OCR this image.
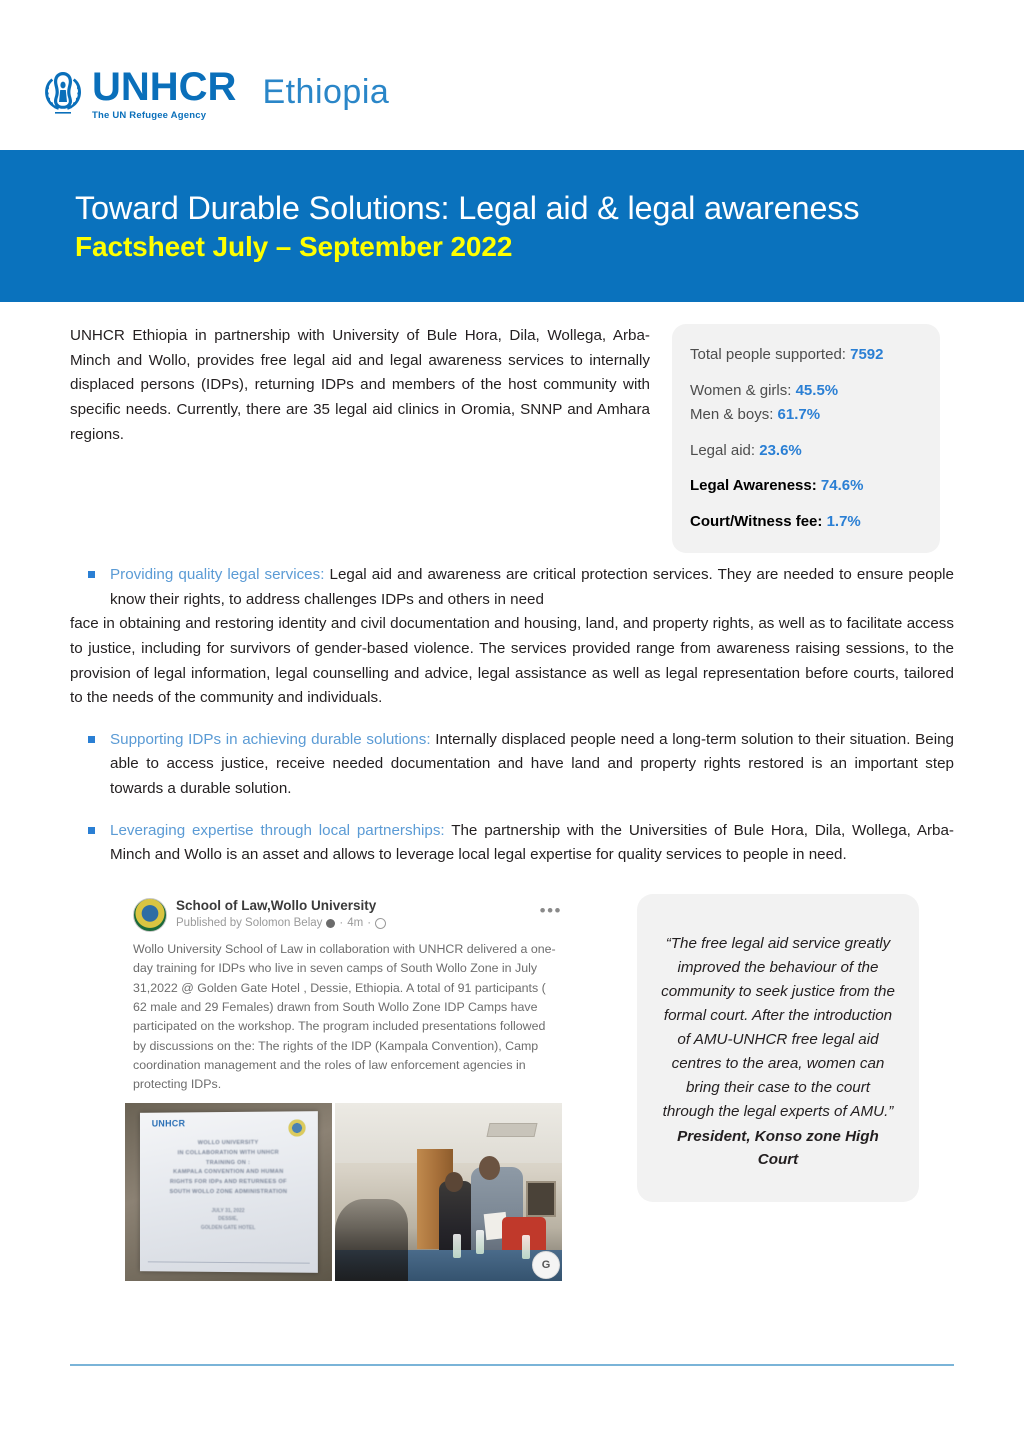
UNHCR
The UN Refugee Agency
Ethiopia
Toward Durable Solutions: Legal aid & legal awareness
Factsheet July – September 2022

UNHCR Ethiopia in partnership with University of Bule Hora, Dila, Wollega, Arba-Minch and Wollo, provides free legal aid and legal awareness services to internally displaced persons (IDPs), returning IDPs and members of the host community with specific needs. Currently, there are 35 legal aid clinics in Oromia, SNNP and Amhara regions.

Total people supported: 7592
Women & girls: 45.5%
Men & boys: 61.7%
Legal aid: 23.6%
Legal Awareness: 74.6%
Court/Witness fee: 1.7%
Providing quality legal services: Legal aid and awareness are critical protection services. They are needed to ensure people know their rights, to address challenges IDPs and others in need
face in obtaining and restoring identity and civil documentation and housing, land, and property rights, as well as to facilitate access to justice, including for survivors of gender-based violence. The services provided range from awareness raising sessions, to the provision of legal information, legal counselling and advice, legal assistance as well as legal representation before courts, tailored to the needs of the community and individuals.
Supporting IDPs in achieving durable solutions: Internally displaced people need a long-term solution to their situation. Being able to access justice, receive needed documentation and have land and property rights restored is an important step towards a durable solution.
Leveraging expertise through local partnerships: The partnership with the Universities of Bule Hora, Dila, Wollega, Arba-Minch and Wollo is an asset and allows to leverage local legal expertise for quality services to people in need.
School of Law,Wollo University
Published by Solomon Belay · 4m ·
•••
Wollo University School of Law in collaboration with UNHCR delivered a one-day training for IDPs who live in seven camps of South Wollo Zone in July 31,2022 @ Golden Gate Hotel , Dessie, Ethiopia. A total of 91 participants ( 62 male and 29 Females) drawn from South Wollo Zone IDP Camps have participated on the workshop. The program included presentations followed by discussions on the: The rights of the IDP (Kampala Convention), Camp coordination management and the roles of law enforcement agencies in protecting IDPs.
UNHCR
WOLLO UNIVERSITY
IN COLLABORATION WITH UNHCR
TRAINING ON :
KAMPALA CONVENTION AND HUMAN
RIGHTS FOR IDPs AND RETURNEES OF
SOUTH WOLLO ZONE ADMINISTRATION
JULY 31, 2022
DESSIE,
GOLDEN GATE HOTEL
G

“The free legal aid service greatly improved the behaviour of the community to seek justice from the formal court. After the introduction of AMU-UNHCR free legal aid centres to the area, women can bring their case to the court through the legal experts of AMU.”

President, Konso zone High Court
